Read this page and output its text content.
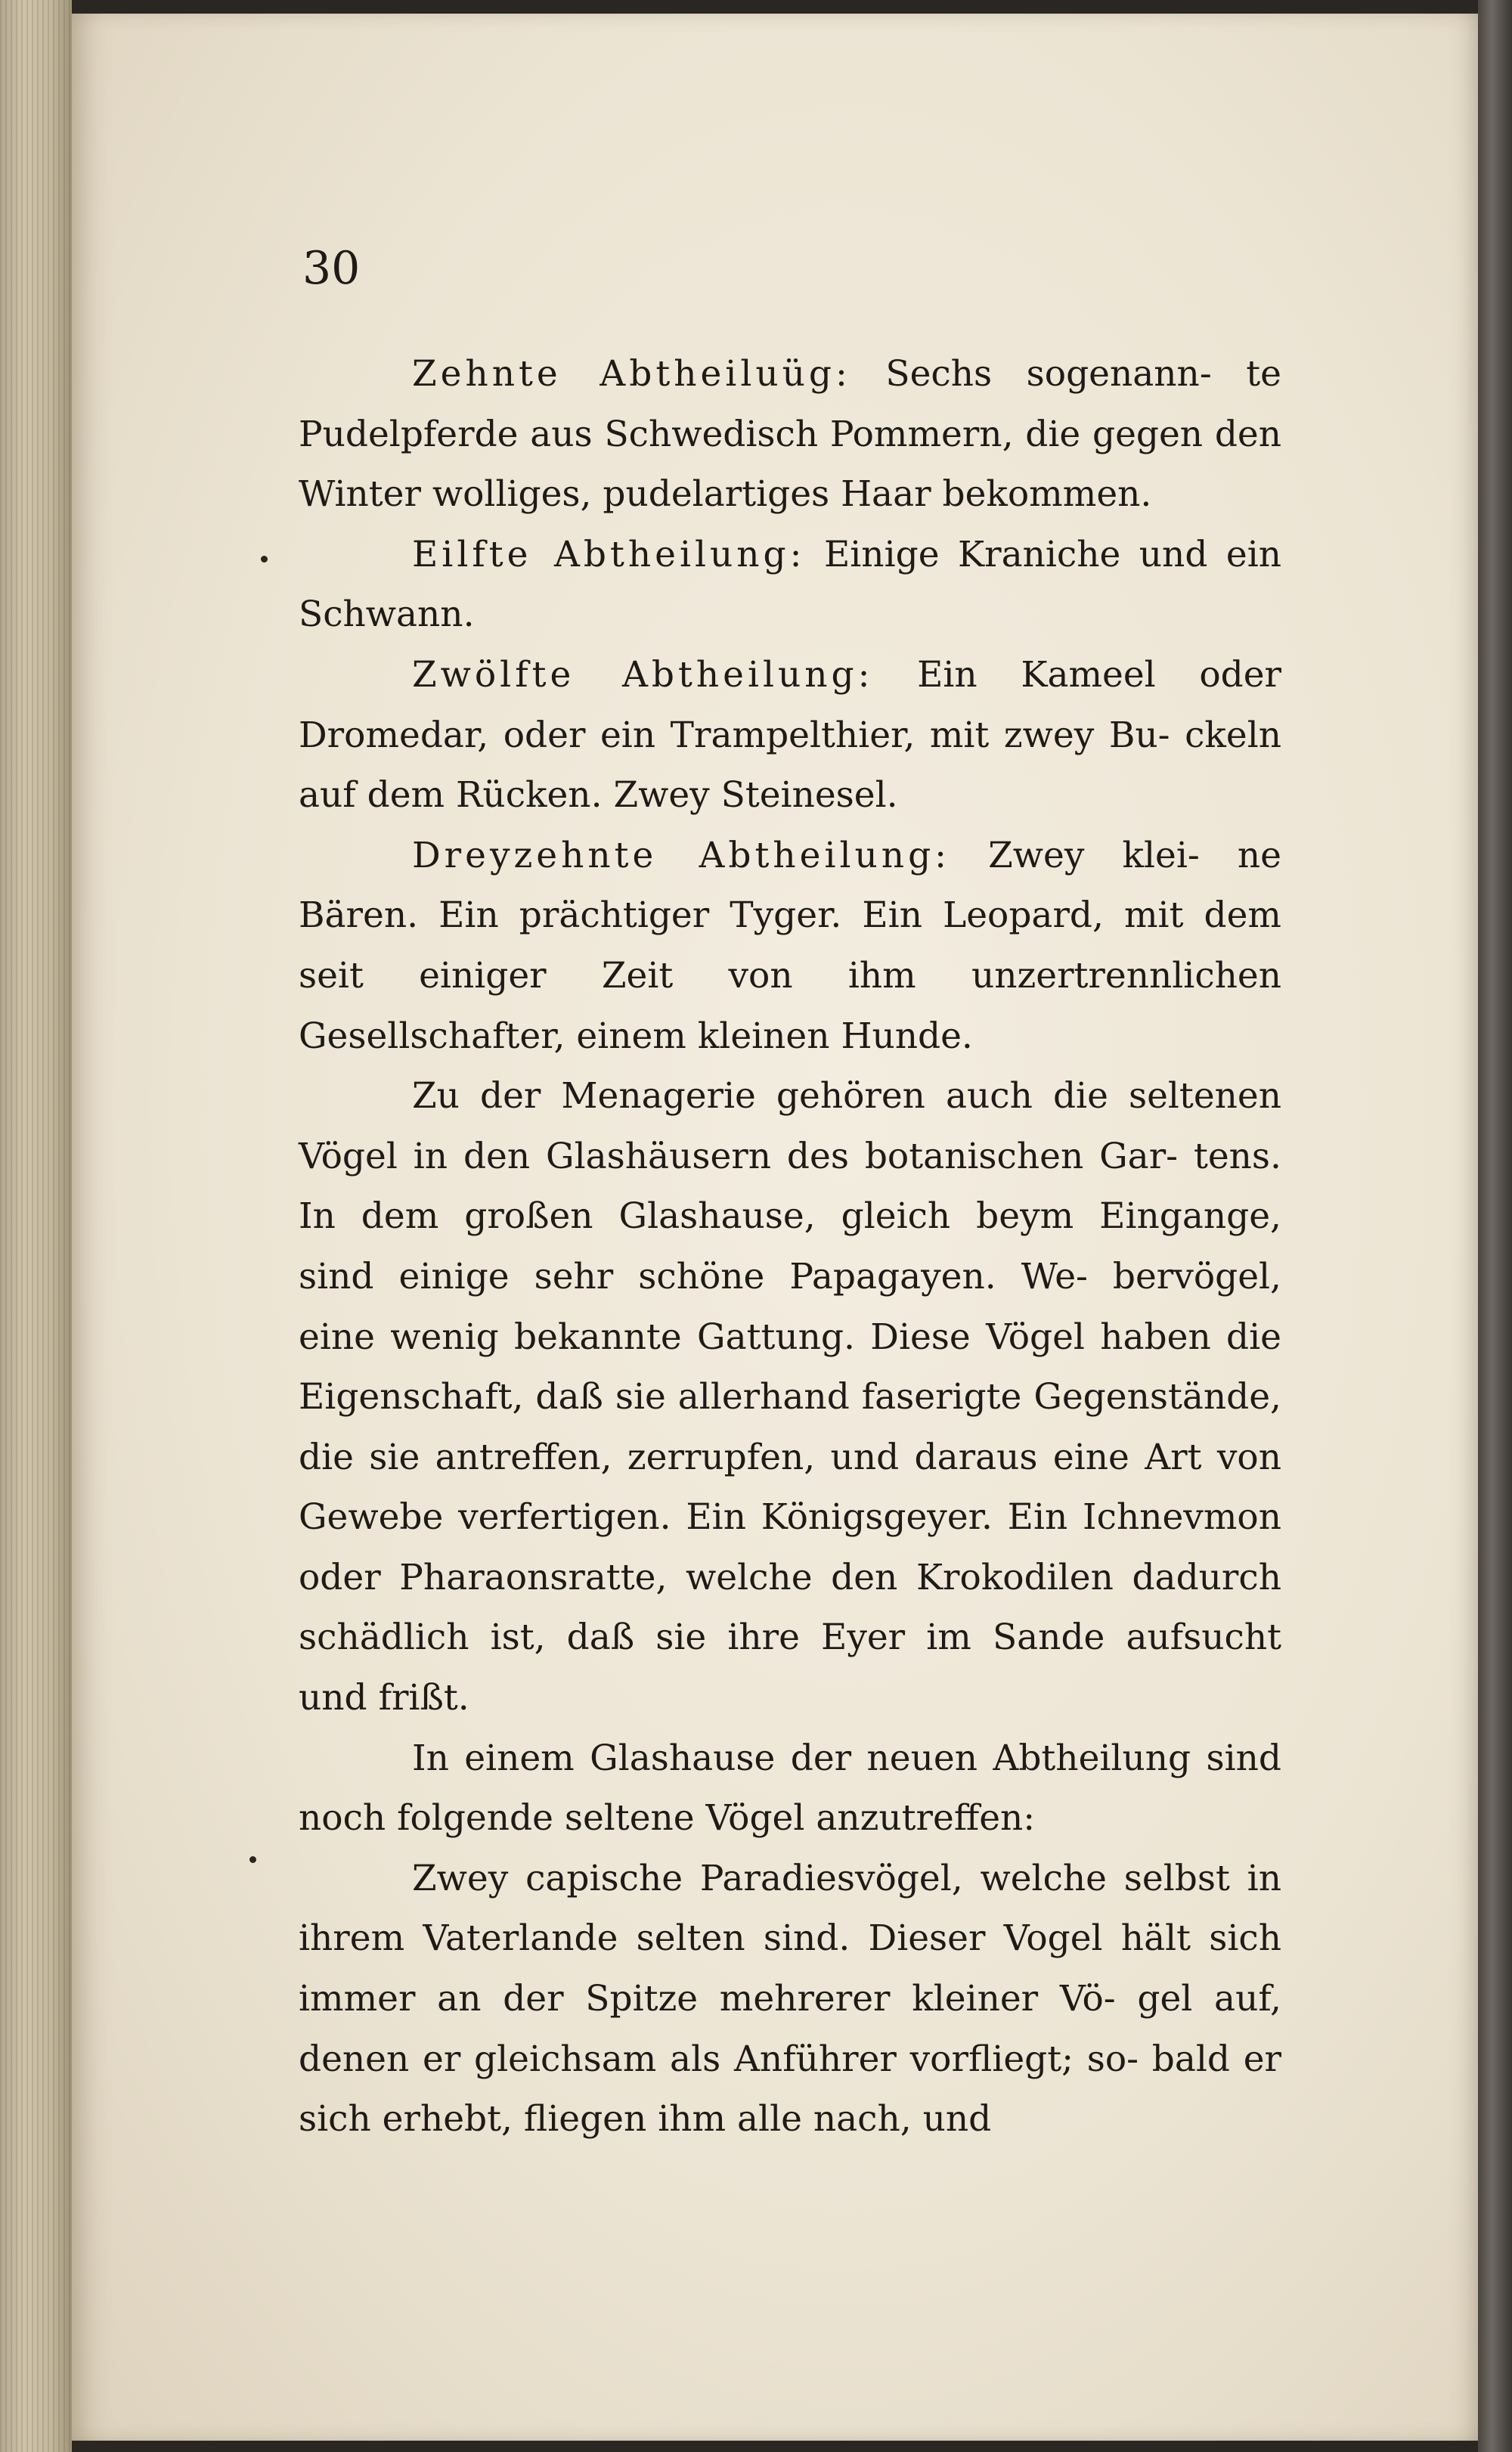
30

Zehnte Abtheiluüg: Sechs sogenann- te Pudelpferde aus Schwedisch Pommern, die gegen den Winter wolliges, pudelartiges Haar bekommen.

Eilfte Abtheilung: Einige Kraniche und ein Schwann.

Zwölfte Abtheilung: Ein Kameel oder Dromedar, oder ein Trampelthier, mit zwey Bu- ckeln auf dem Rücken. Zwey Steinesel.

Dreyzehnte Abtheilung: Zwey klei- ne Bären. Ein prächtiger Tyger. Ein Leopard, mit dem seit einiger Zeit von ihm unzertrennlichen Gesellschafter, einem kleinen Hunde.

Zu der Menagerie gehören auch die seltenen Vögel in den Glashäusern des botanischen Gar- tens. In dem großen Glashause, gleich beym Eingange, sind einige sehr schöne Papagayen. We- bervögel, eine wenig bekannte Gattung. Diese Vögel haben die Eigenschaft, daß sie allerhand faserigte Gegenstände, die sie antreffen, zerrupfen, und daraus eine Art von Gewebe verfertigen. Ein Königsgeyer. Ein Ichnevmon oder Pharaonsratte, welche den Krokodilen dadurch schädlich ist, daß sie ihre Eyer im Sande aufsucht und frißt.

In einem Glashause der neuen Abtheilung sind noch folgende seltene Vögel anzutreffen:

Zwey capische Paradiesvögel, welche selbst in ihrem Vaterlande selten sind. Dieser Vogel hält sich immer an der Spitze mehrerer kleiner Vö- gel auf, denen er gleichsam als Anführer vorfliegt; so- bald er sich erhebt, fliegen ihm alle nach, und
